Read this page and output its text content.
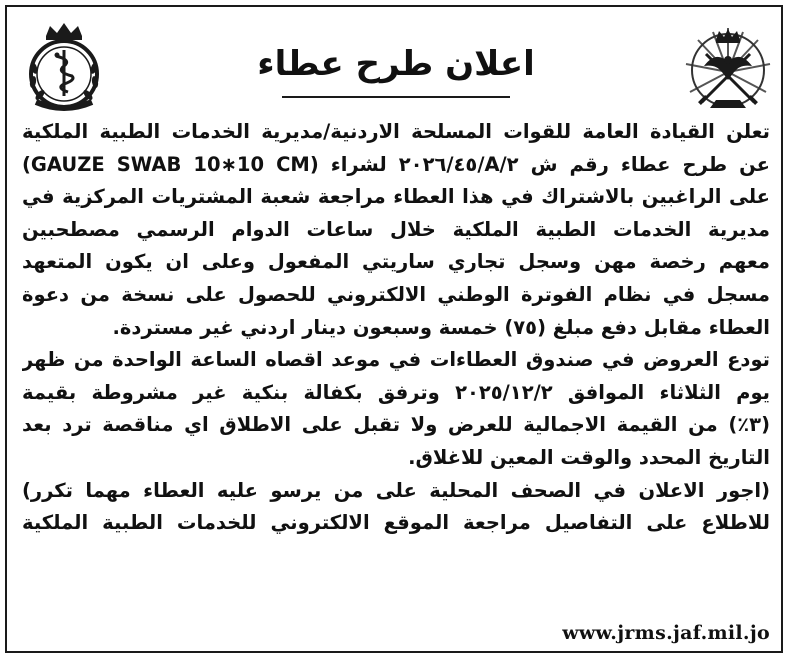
اعلان طرح عطاء
تعلن القيادة العامة للقوات المسلحة الاردنية/مديرية الخدمات الطبية الملكية
عن طرح عطاء رقم ش ٢/A/٢٠٢٦/٤٥ لشراء (GAUZE SWAB 10∗10 CM)
على الراغبين بالاشتراك في هذا العطاء مراجعة شعبة المشتريات المركزية في
مديرية الخدمات الطبية الملكية خلال ساعات الدوام الرسمي مصطحبين
معهم رخصة مهن وسجل تجاري ساريتي المفعول وعلى ان يكون المتعهد
مسجل في نظام الفوترة الوطني الالكتروني للحصول على نسخة من دعوة
العطاء مقابل دفع مبلغ (٧٥) خمسة وسبعون دينار اردني غير مستردة.
تودع العروض في صندوق العطاءات في موعد اقصاه الساعة الواحدة من ظهر
يوم الثلاثاء الموافق ٢٠٢٥/١٢/٢ وترفق بكفالة بنكية غير مشروطة بقيمة
(٣٪) من القيمة الاجمالية للعرض ولا تقبل على الاطلاق اي مناقصة ترد بعد
التاريخ المحدد والوقت المعين للاغلاق.
(اجور الاعلان في الصحف المحلية على من يرسو عليه العطاء مهما تكرر)
للاطلاع على التفاصيل مراجعة الموقع الالكتروني للخدمات الطبية الملكية
www.jrms.jaf.mil.jo
